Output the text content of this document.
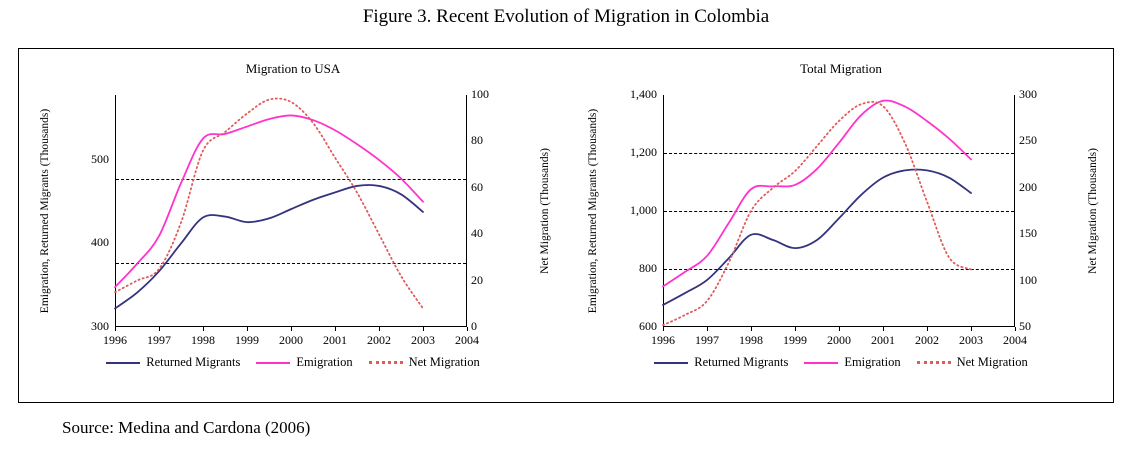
Figure 3. Recent Evolution of Migration in Colombia
Migration to USA
Emigration, Returned Migrants (Thousands)	Net Migration (Thousands)
300
400
500
0
20
40
60
80
100
1996	1997	1998	1999	2000	2001	2002	2003	2004
Returned Migrants	Emigration	Net Migration
Total Migration
Emigration, Returned Migrants (Thousands)	Net Migration (Thousands)
600
800
1,000
1,200
1,400
50
100
150
200
250
300
1996	1997	1998	1999	2000	2001	2002	2003	2004
Returned Migrants	Emigration	Net Migration
Source: Medina and Cardona (2006)
